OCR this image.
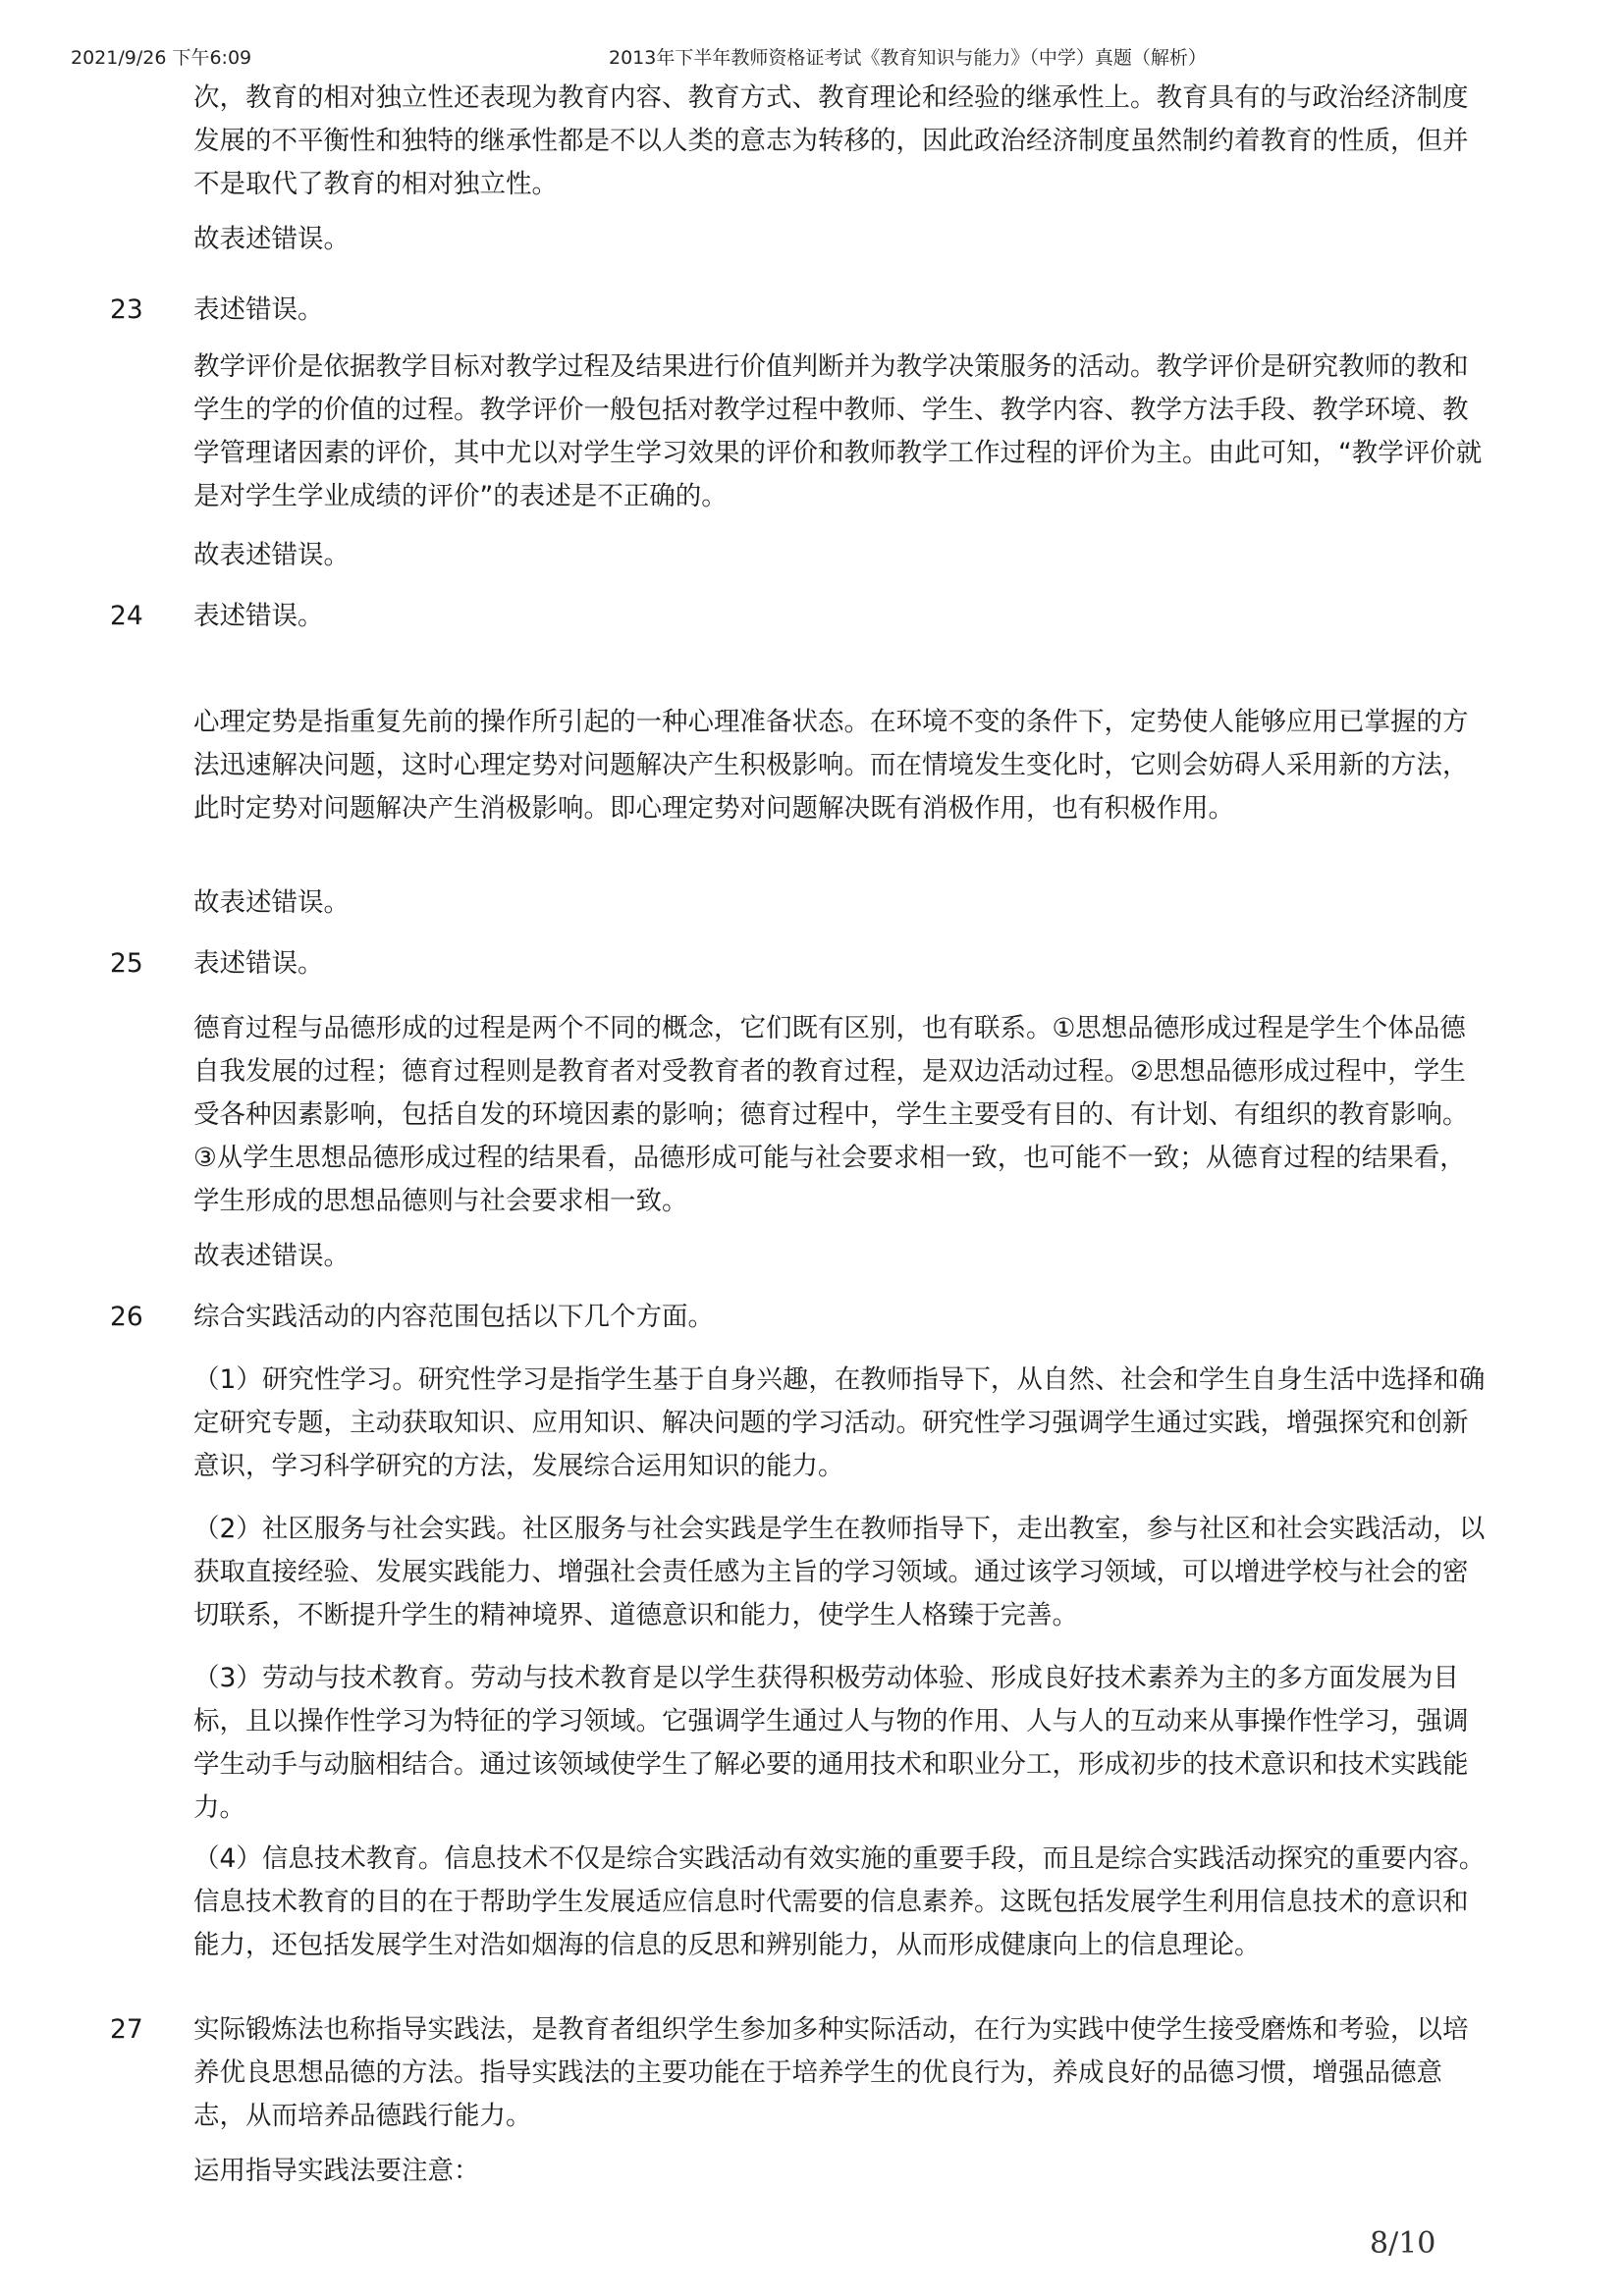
2021/9/26 下午6:09	2013年下半年教师资格证考试《教育知识与能力》（中学）真题（解析）

次，教育的相对独立性还表现为教育内容、教育方式、教育理论和经验的继承性上。教育具有的与政治经济制度发展的不平衡性和独特的继承性都是不以人类的意志为转移的，因此政治经济制度虽然制约着教育的性质，但并不是取代了教育的相对独立性。

故表述错误。

23 表述错误。

教学评价是依据教学目标对教学过程及结果进行价值判断并为教学决策服务的活动。教学评价是研究教师的教和学生的学的价值的过程。教学评价一般包括对教学过程中教师、学生、教学内容、教学方法手段、教学环境、教学管理诸因素的评价，其中尤以对学生学习效果的评价和教师教学工作过程的评价为主。由此可知，“教学评价就是对学生学业成绩的评价”的表述是不正确的。

故表述错误。

24 表述错误。

心理定势是指重复先前的操作所引起的一种心理准备状态。在环境不变的条件下，定势使人能够应用已掌握的方法迅速解决问题，这时心理定势对问题解决产生积极影响。而在情境发生变化时，它则会妨碍人采用新的方法，此时定势对问题解决产生消极影响。即心理定势对问题解决既有消极作用，也有积极作用。

故表述错误。

25 表述错误。

德育过程与品德形成的过程是两个不同的概念，它们既有区别，也有联系。①思想品德形成过程是学生个体品德自我发展的过程；德育过程则是教育者对受教育者的教育过程，是双边活动过程。②思想品德形成过程中，学生受各种因素影响，包括自发的环境因素的影响；德育过程中，学生主要受有目的、有计划、有组织的教育影响。③从学生思想品德形成过程的结果看，品德形成可能与社会要求相一致，也可能不一致；从德育过程的结果看，学生形成的思想品德则与社会要求相一致。

故表述错误。

26 综合实践活动的内容范围包括以下几个方面。

（1）研究性学习。研究性学习是指学生基于自身兴趣，在教师指导下，从自然、社会和学生自身生活中选择和确定研究专题，主动获取知识、应用知识、解决问题的学习活动。研究性学习强调学生通过实践，增强探究和创新意识，学习科学研究的方法，发展综合运用知识的能力。

（2）社区服务与社会实践。社区服务与社会实践是学生在教师指导下，走出教室，参与社区和社会实践活动，以获取直接经验、发展实践能力、增强社会责任感为主旨的学习领域。通过该学习领域，可以增进学校与社会的密切联系，不断提升学生的精神境界、道德意识和能力，使学生人格臻于完善。

（3）劳动与技术教育。劳动与技术教育是以学生获得积极劳动体验、形成良好技术素养为主的多方面发展为目标，且以操作性学习为特征的学习领域。它强调学生通过人与物的作用、人与人的互动来从事操作性学习，强调学生动手与动脑相结合。通过该领域使学生了解必要的通用技术和职业分工，形成初步的技术意识和技术实践能力。

（4）信息技术教育。信息技术不仅是综合实践活动有效实施的重要手段，而且是综合实践活动探究的重要内容。信息技术教育的目的在于帮助学生发展适应信息时代需要的信息素养。这既包括发展学生利用信息技术的意识和能力，还包括发展学生对浩如烟海的信息的反思和辨别能力，从而形成健康向上的信息理论。

27 实际锻炼法也称指导实践法，是教育者组织学生参加多种实际活动，在行为实践中使学生接受磨炼和考验，以培养优良思想品德的方法。指导实践法的主要功能在于培养学生的优良行为，养成良好的品德习惯，增强品德意志，从而培养品德践行能力。

运用指导实践法要注意：

8/10
